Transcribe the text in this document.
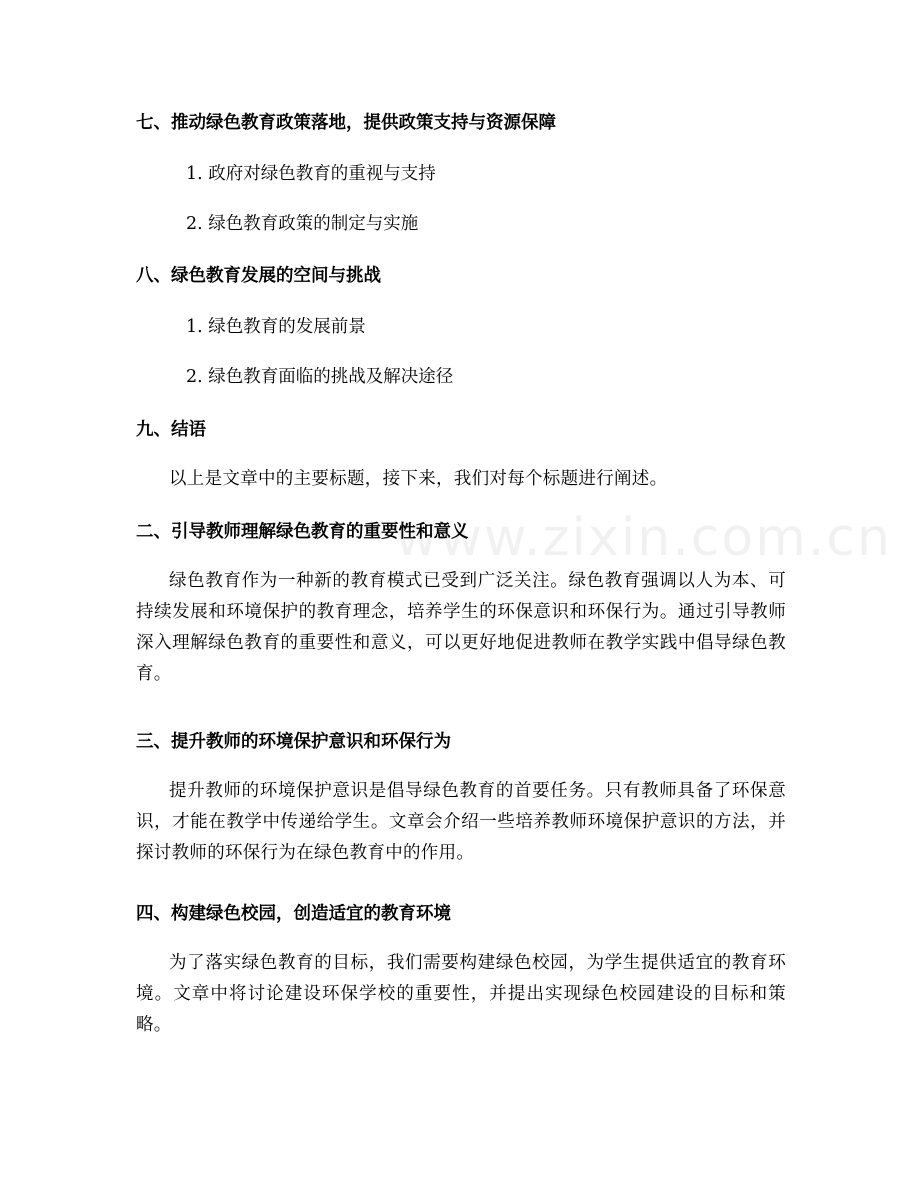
www.zixin.com.cn
七、推动绿色教育政策落地，提供政策支持与资源保障
1. 政府对绿色教育的重视与支持
2. 绿色教育政策的制定与实施
八、绿色教育发展的空间与挑战
1. 绿色教育的发展前景
2. 绿色教育面临的挑战及解决途径
九、结语
以上是文章中的主要标题，接下来，我们对每个标题进行阐述。
二、引导教师理解绿色教育的重要性和意义
绿色教育作为一种新的教育模式已受到广泛关注。绿色教育强调以人为本、可持续发展和环境保护的教育理念，培养学生的环保意识和环保行为。通过引导教师深入理解绿色教育的重要性和意义，可以更好地促进教师在教学实践中倡导绿色教育。
三、提升教师的环境保护意识和环保行为
提升教师的环境保护意识是倡导绿色教育的首要任务。只有教师具备了环保意识，才能在教学中传递给学生。文章会介绍一些培养教师环境保护意识的方法，并探讨教师的环保行为在绿色教育中的作用。
四、构建绿色校园，创造适宜的教育环境
为了落实绿色教育的目标，我们需要构建绿色校园，为学生提供适宜的教育环境。文章中将讨论建设环保学校的重要性，并提出实现绿色校园建设的目标和策略。
